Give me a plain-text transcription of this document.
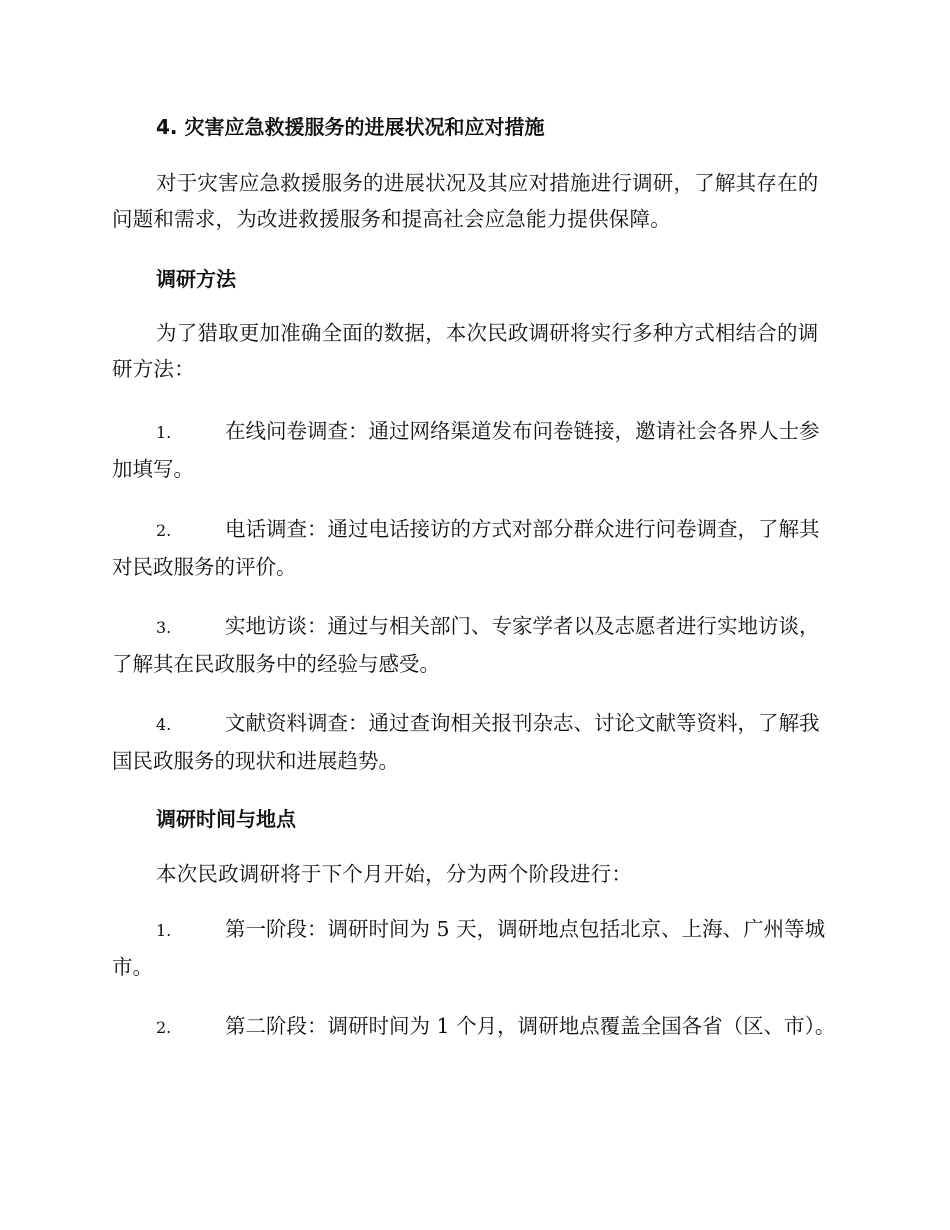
4. 灾害应急救援服务的进展状况和应对措施

对于灾害应急救援服务的进展状况及其应对措施进行调研，了解其存在的问题和需求，为改进救援服务和提高社会应急能力提供保障。

调研方法

为了猎取更加准确全面的数据，本次民政调研将实行多种方式相结合的调研方法：

1.	在线问卷调查：通过网络渠道发布问卷链接，邀请社会各界人士参加填写。

2.	电话调查：通过电话接访的方式对部分群众进行问卷调查，了解其对民政服务的评价。

3.	实地访谈：通过与相关部门、专家学者以及志愿者进行实地访谈，了解其在民政服务中的经验与感受。

4.	文献资料调查：通过查询相关报刊杂志、讨论文献等资料，了解我国民政服务的现状和进展趋势。

调研时间与地点

本次民政调研将于下个月开始，分为两个阶段进行：

1.	第一阶段：调研时间为 5 天，调研地点包括北京、上海、广州等城市。

2.	第二阶段：调研时间为 1 个月，调研地点覆盖全国各省（区、市）。
